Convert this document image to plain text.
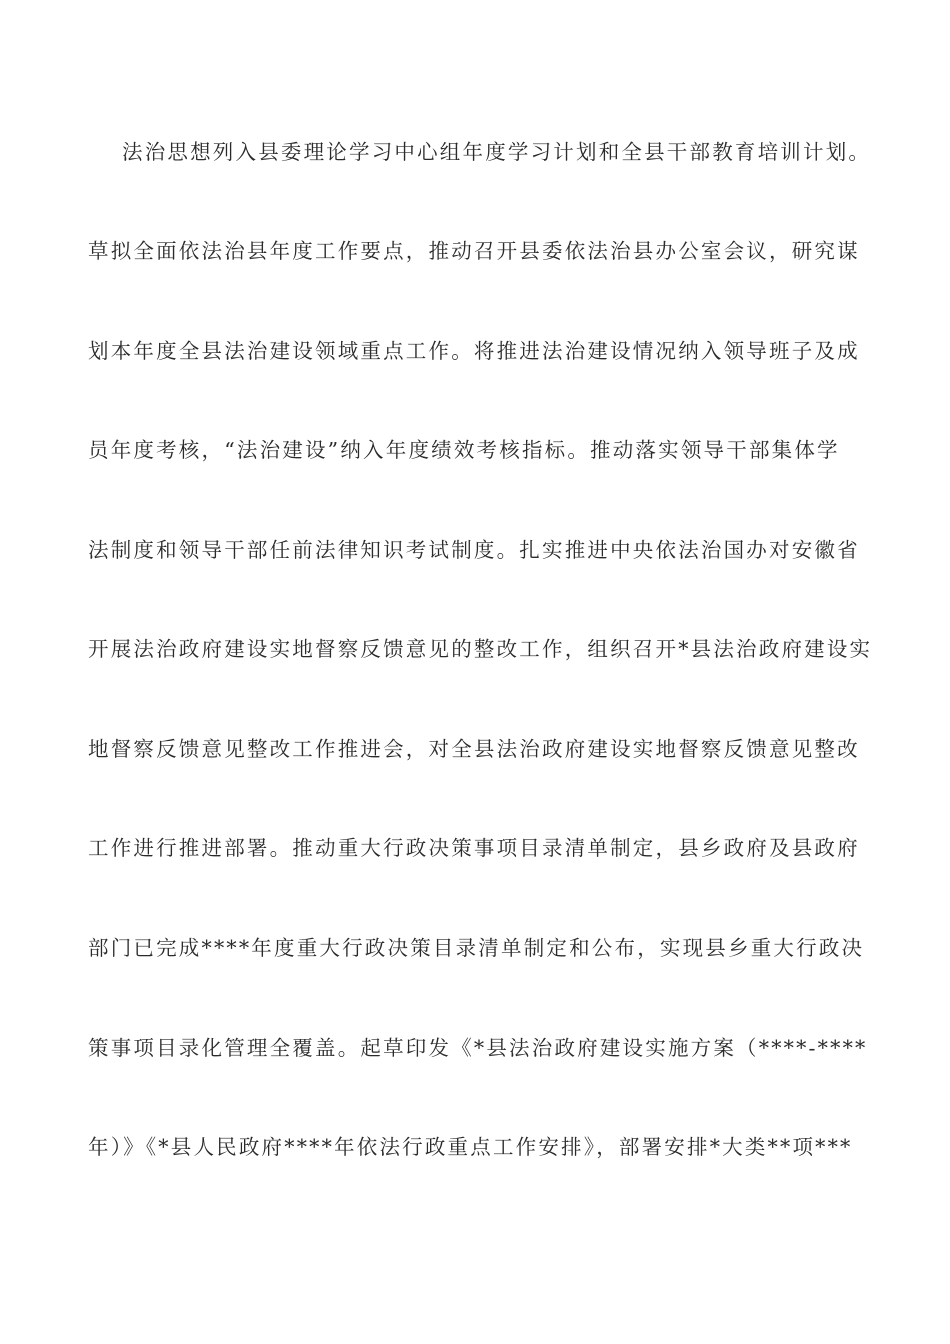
法治思想列入县委理论学习中心组年度学习计划和全县干部教育培训计划。
草拟全面依法治县年度工作要点，推动召开县委依法治县办公室会议，研究谋
划本年度全县法治建设领域重点工作。将推进法治建设情况纳入领导班子及成
员年度考核，“法治建设”纳入年度绩效考核指标。推动落实领导干部集体学
法制度和领导干部任前法律知识考试制度。扎实推进中央依法治国办对安徽省
开展法治政府建设实地督察反馈意见的整改工作，组织召开*县法治政府建设实
地督察反馈意见整改工作推进会，对全县法治政府建设实地督察反馈意见整改
工作进行推进部署。推动重大行政决策事项目录清单制定，县乡政府及县政府
部门已完成****年度重大行政决策目录清单制定和公布，实现县乡重大行政决
策事项目录化管理全覆盖。起草印发《*县法治政府建设实施方案（****-****
年）》《*县人民政府****年依法行政重点工作安排》，部署安排*大类**项***
